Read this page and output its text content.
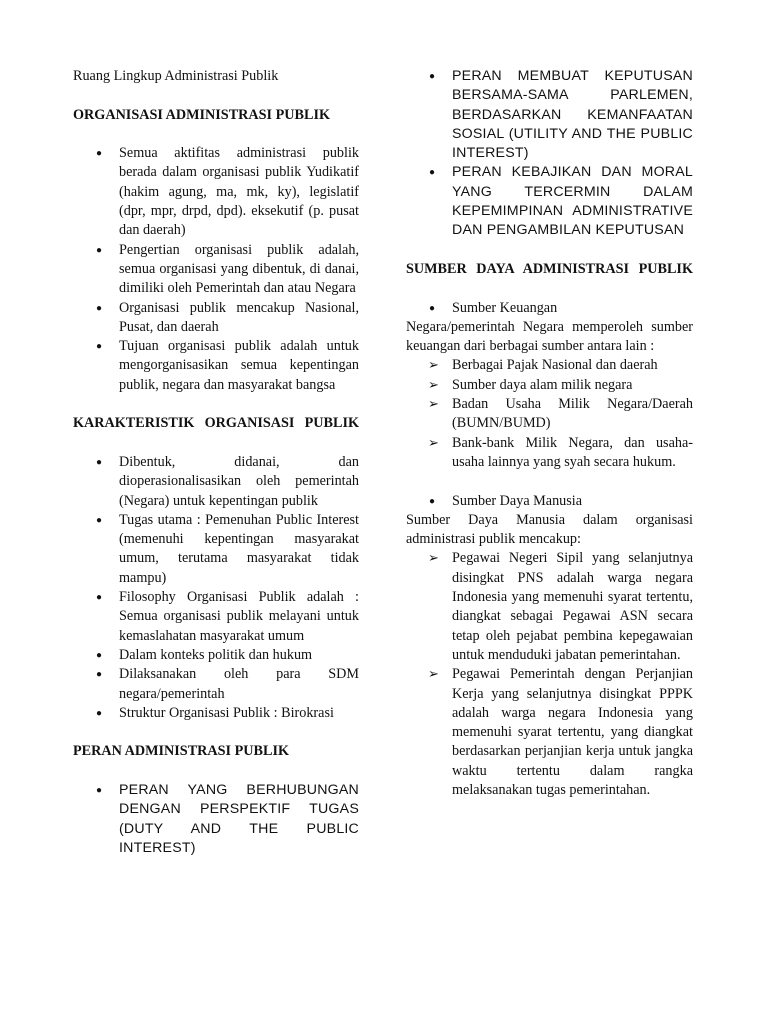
Ruang Lingkup Administrasi Publik

ORGANISASI ADMINISTRASI PUBLIK

● Semua aktifitas administrasi publik berada dalam organisasi publik Yudikatif (hakim agung, ma, mk, ky), legislatif (dpr, mpr, drpd, dpd). eksekutif (p. pusat dan daerah)
● Pengertian organisasi publik adalah, semua organisasi yang dibentuk, di danai, dimiliki oleh Pemerintah dan atau Negara
● Organisasi publik mencakup Nasional, Pusat, dan daerah
● Tujuan organisasi publik adalah untuk mengorganisasikan semua kepentingan publik, negara dan masyarakat bangsa

KARAKTERISTIK ORGANISASI PUBLIK

● Dibentuk, didanai, dan dioperasionalisasikan oleh pemerintah (Negara) untuk kepentingan publik
● Tugas utama : Pemenuhan Public Interest (memenuhi kepentingan masyarakat umum, terutama masyarakat tidak mampu)
● Filosophy Organisasi Publik adalah : Semua organisasi publik melayani untuk kemaslahatan masyarakat umum
● Dalam konteks politik dan hukum
● Dilaksanakan oleh para SDM negara/pemerintah
● Struktur Organisasi Publik : Birokrasi

PERAN ADMINISTRASI PUBLIK

● PERAN YANG BERHUBUNGAN DENGAN PERSPEKTIF TUGAS (DUTY AND THE PUBLIC INTEREST)
● PERAN MEMBUAT KEPUTUSAN BERSAMA-SAMA PARLEMEN, BERDASARKAN KEMANFAATAN SOSIAL (UTILITY AND THE PUBLIC INTEREST)
● PERAN KEBAJIKAN DAN MORAL YANG TERCERMIN DALAM KEPEMIMPINAN ADMINISTRATIVE DAN PENGAMBILAN KEPUTUSAN

SUMBER DAYA ADMINISTRASI PUBLIK

● Sumber Keuangan

Negara/pemerintah Negara memperoleh sumber keuangan dari berbagai sumber antara lain :

➢ Berbagai Pajak Nasional dan daerah
➢ Sumber daya alam milik negara
➢ Badan Usaha Milik Negara/Daerah (BUMN/BUMD)
➢ Bank-bank Milik Negara, dan usaha-usaha lainnya yang syah secara hukum.
● Sumber Daya Manusia

Sumber Daya Manusia dalam organisasi administrasi publik mencakup:

➢ Pegawai Negeri Sipil yang selanjutnya disingkat PNS adalah warga negara Indonesia yang memenuhi syarat tertentu, diangkat sebagai Pegawai ASN secara tetap oleh pejabat pembina kepegawaian untuk menduduki jabatan pemerintahan.
➢ Pegawai Pemerintah dengan Perjanjian Kerja yang selanjutnya disingkat PPPK adalah warga negara Indonesia yang memenuhi syarat tertentu, yang diangkat berdasarkan perjanjian kerja untuk jangka waktu tertentu dalam rangka melaksanakan tugas pemerintahan.
